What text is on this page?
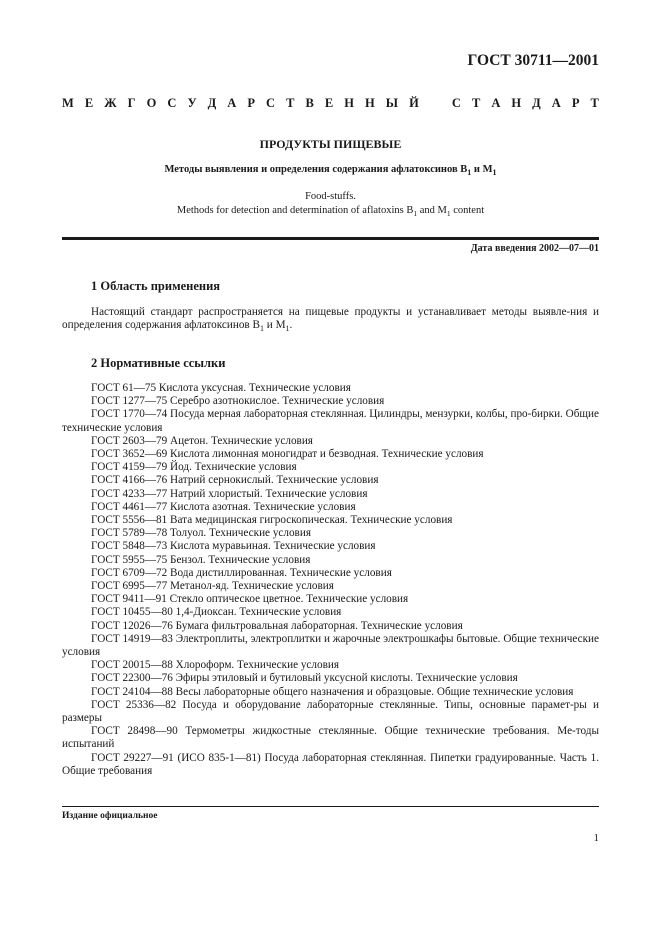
ГОСТ 30711—2001
М Е Ж Г О С У Д А Р С Т В Е Н Н Ы Й	С Т А Н Д А Р Т
ПРОДУКТЫ ПИЩЕВЫЕ
Методы выявления и определения содержания афлатоксинов $В_1$ и $М_1$
Food-stuffs.
Methods for detection and determination of aflatoxins $B_1$ and $M_1$ content
Дата введения 2002—07—01
1 Область применения

Настоящий стандарт распространяется на пищевые продукты и устанавливает методы выявле-ния и определения содержания афлатоксинов $В_1$ и $М_1$.

2 Нормативные ссылки

ГОСТ 61—75 Кислота уксусная. Технические условия

ГОСТ 1277—75 Серебро азотнокислое. Технические условия

ГОСТ 1770—74 Посуда мерная лабораторная стеклянная. Цилиндры, мензурки, колбы, про-бирки. Общие технические условия

ГОСТ 2603—79 Ацетон. Технические условия

ГОСТ 3652—69 Кислота лимонная моногидрат и безводная. Технические условия

ГОСТ 4159—79 Йод. Технические условия

ГОСТ 4166—76 Натрий сернокислый. Технические условия

ГОСТ 4233—77 Натрий хлористый. Технические условия

ГОСТ 4461—77 Кислота азотная. Технические условия

ГОСТ 5556—81 Вата медицинская гигроскопическая. Технические условия

ГОСТ 5789—78 Толуол. Технические условия

ГОСТ 5848—73 Кислота муравьиная. Технические условия

ГОСТ 5955—75 Бензол. Технические условия

ГОСТ 6709—72 Вода дистиллированная. Технические условия

ГОСТ 6995—77 Метанол-яд. Технические условия

ГОСТ 9411—91 Стекло оптическое цветное. Технические условия

ГОСТ 10455—80 1,4-Диоксан. Технические условия

ГОСТ 12026—76 Бумага фильтровальная лабораторная. Технические условия

ГОСТ 14919—83 Электроплиты, электроплитки и жарочные электрошкафы бытовые. Общие технические условия

ГОСТ 20015—88 Хлороформ. Технические условия

ГОСТ 22300—76 Эфиры этиловый и бутиловый уксусной кислоты. Технические условия

ГОСТ 24104—88 Весы лабораторные общего назначения и образцовые. Общие технические условия

ГОСТ 25336—82 Посуда и оборудование лабораторные стеклянные. Типы, основные парамет-ры и размеры

ГОСТ 28498—90 Термометры жидкостные стеклянные. Общие технические требования. Ме-тоды испытаний

ГОСТ 29227—91 (ИСО 835-1—81) Посуда лабораторная стеклянная. Пипетки градуированные. Часть 1. Общие требования

Издание официальное
1
